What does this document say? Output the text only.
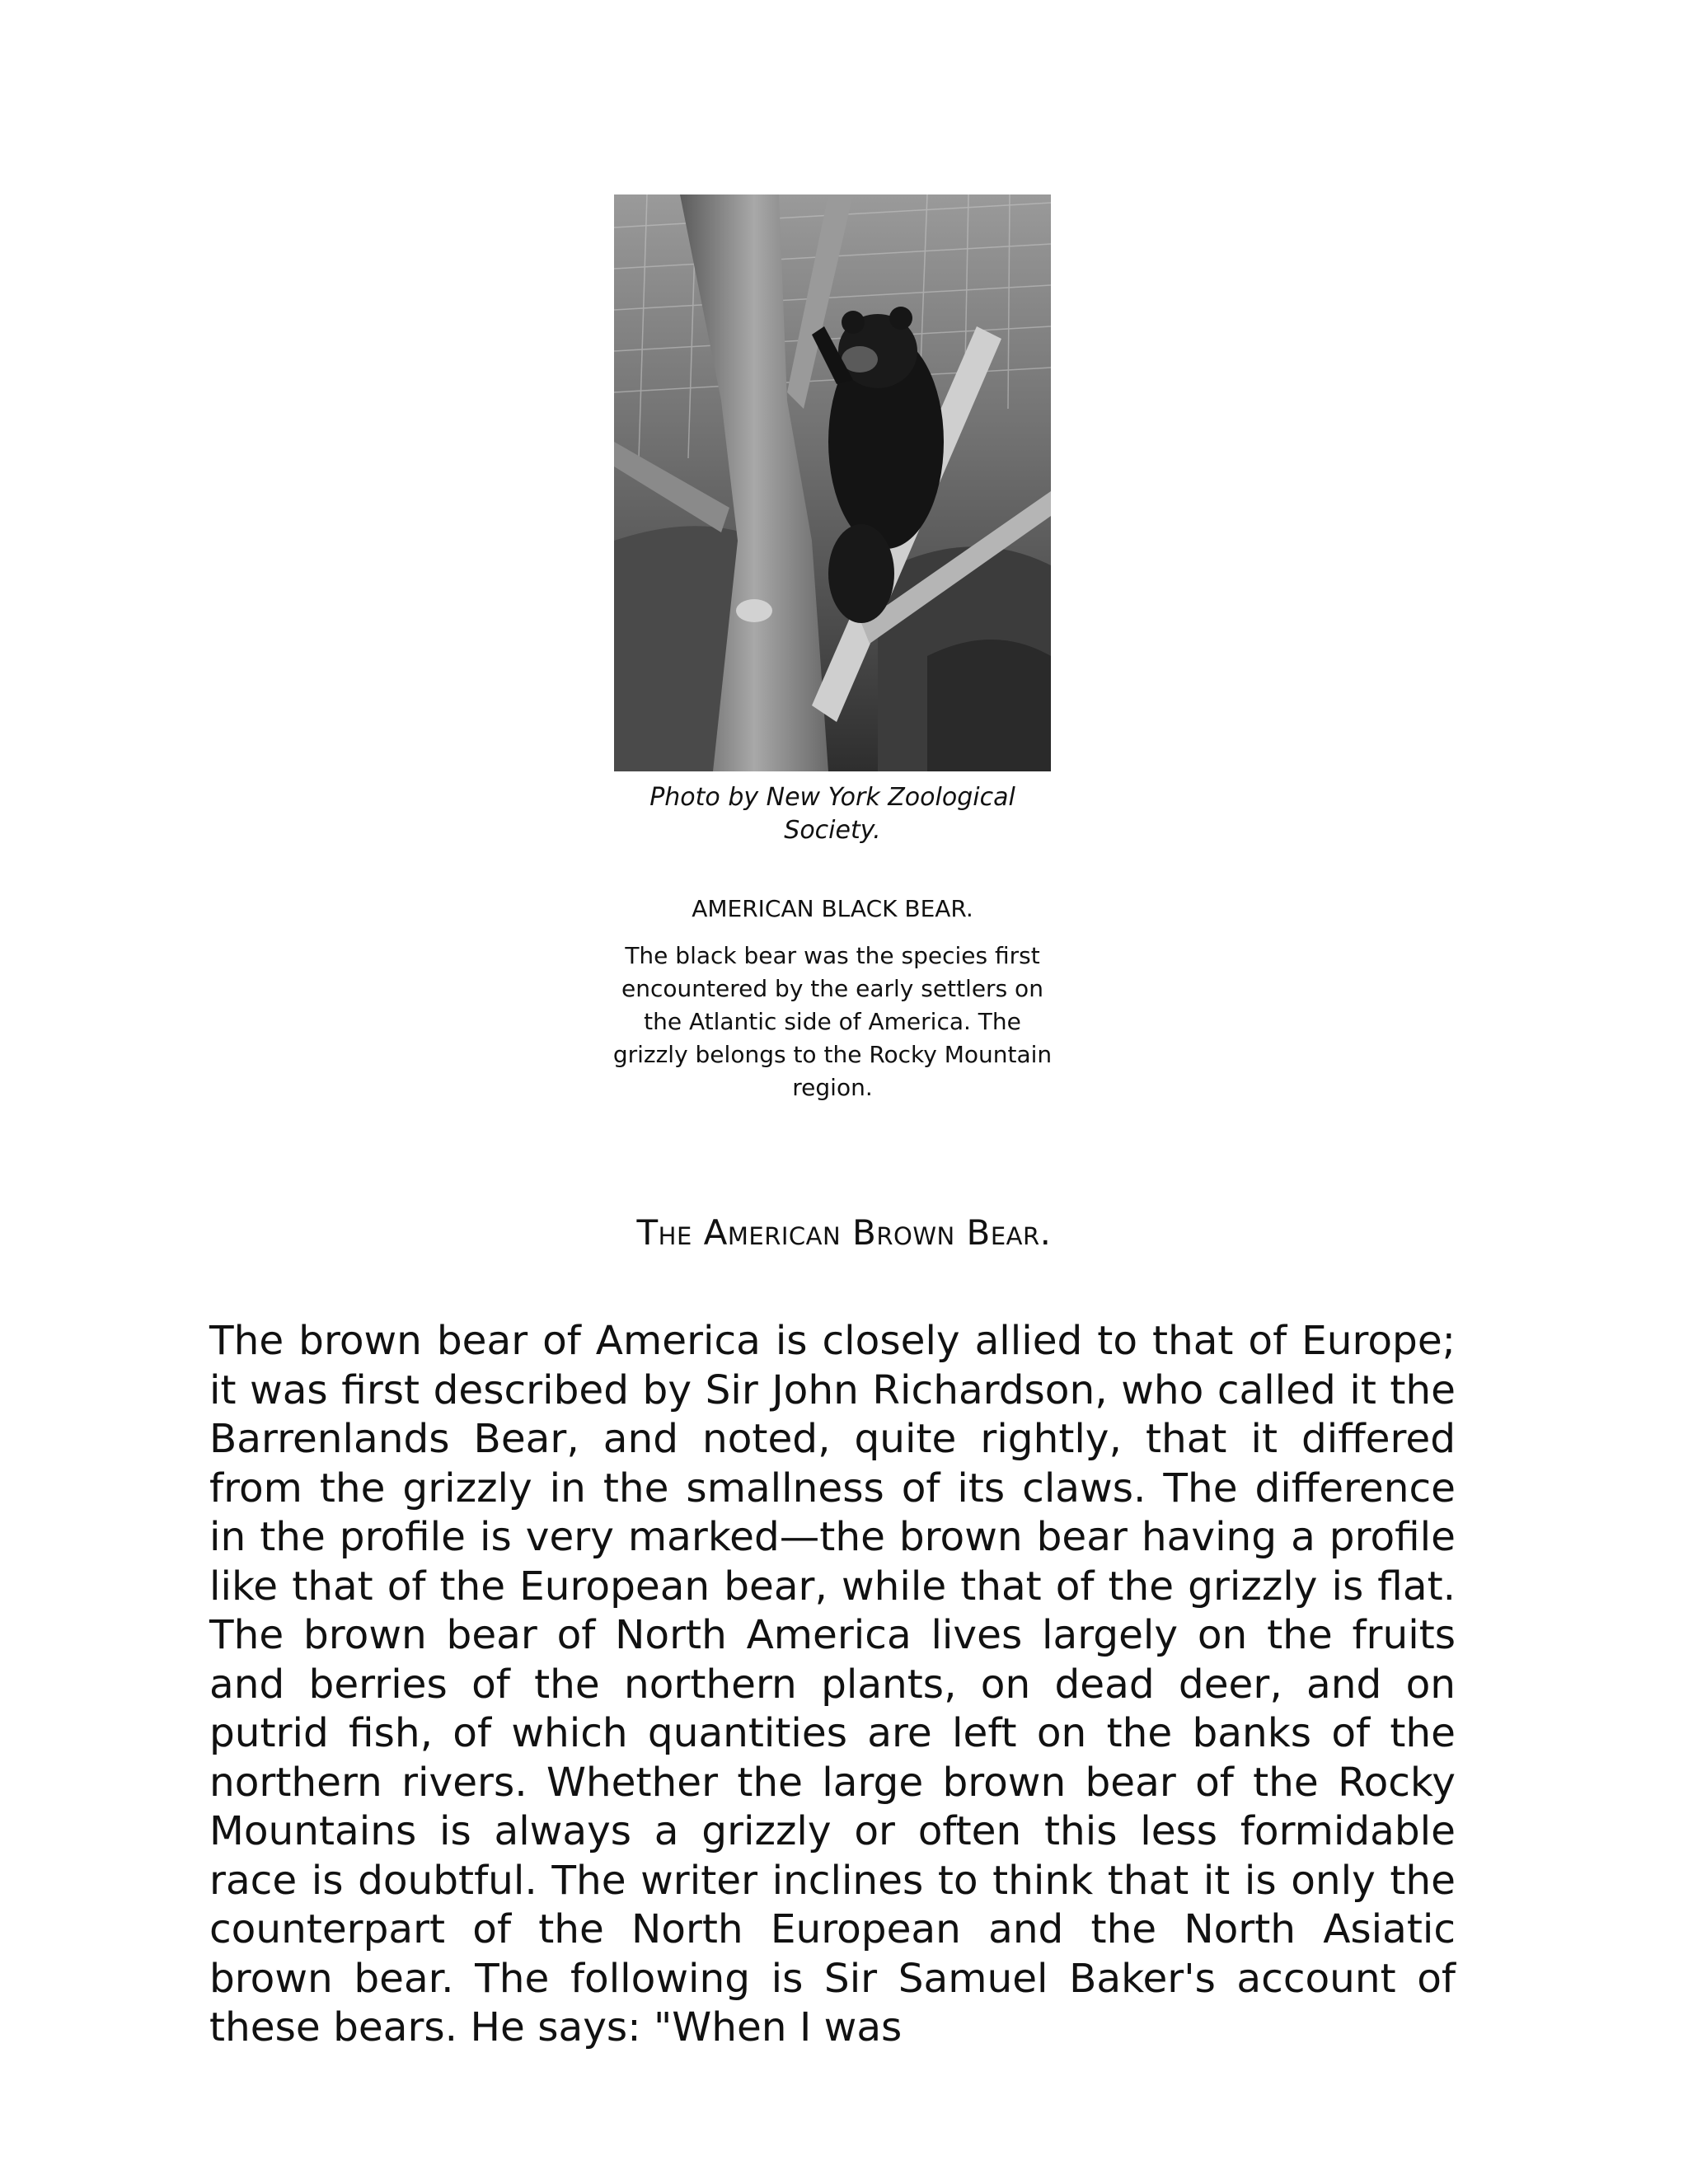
Photo by New York Zoological Society.
AMERICAN BLACK BEAR.
The black bear was the species first encountered by the early settlers on the Atlantic side of America. The grizzly belongs to the Rocky Mountain region.
The American Brown Bear.
The brown bear of America is closely allied to that of Europe; it was first described by Sir John Richardson, who called it the Barrenlands Bear, and noted, quite rightly, that it differed from the grizzly in the smallness of its claws. The difference in the profile is very marked—the brown bear having a profile like that of the European bear, while that of the grizzly is flat. The brown bear of North America lives largely on the fruits and berries of the northern plants, on dead deer, and on putrid fish, of which quantities are left on the banks of the northern rivers. Whether the large brown bear of the Rocky Mountains is always a grizzly or often this less formidable race is doubtful. The writer inclines to think that it is only the counterpart of the North European and the North Asiatic brown bear. The following is Sir Samuel Baker's account of these bears. He says: "When I was
